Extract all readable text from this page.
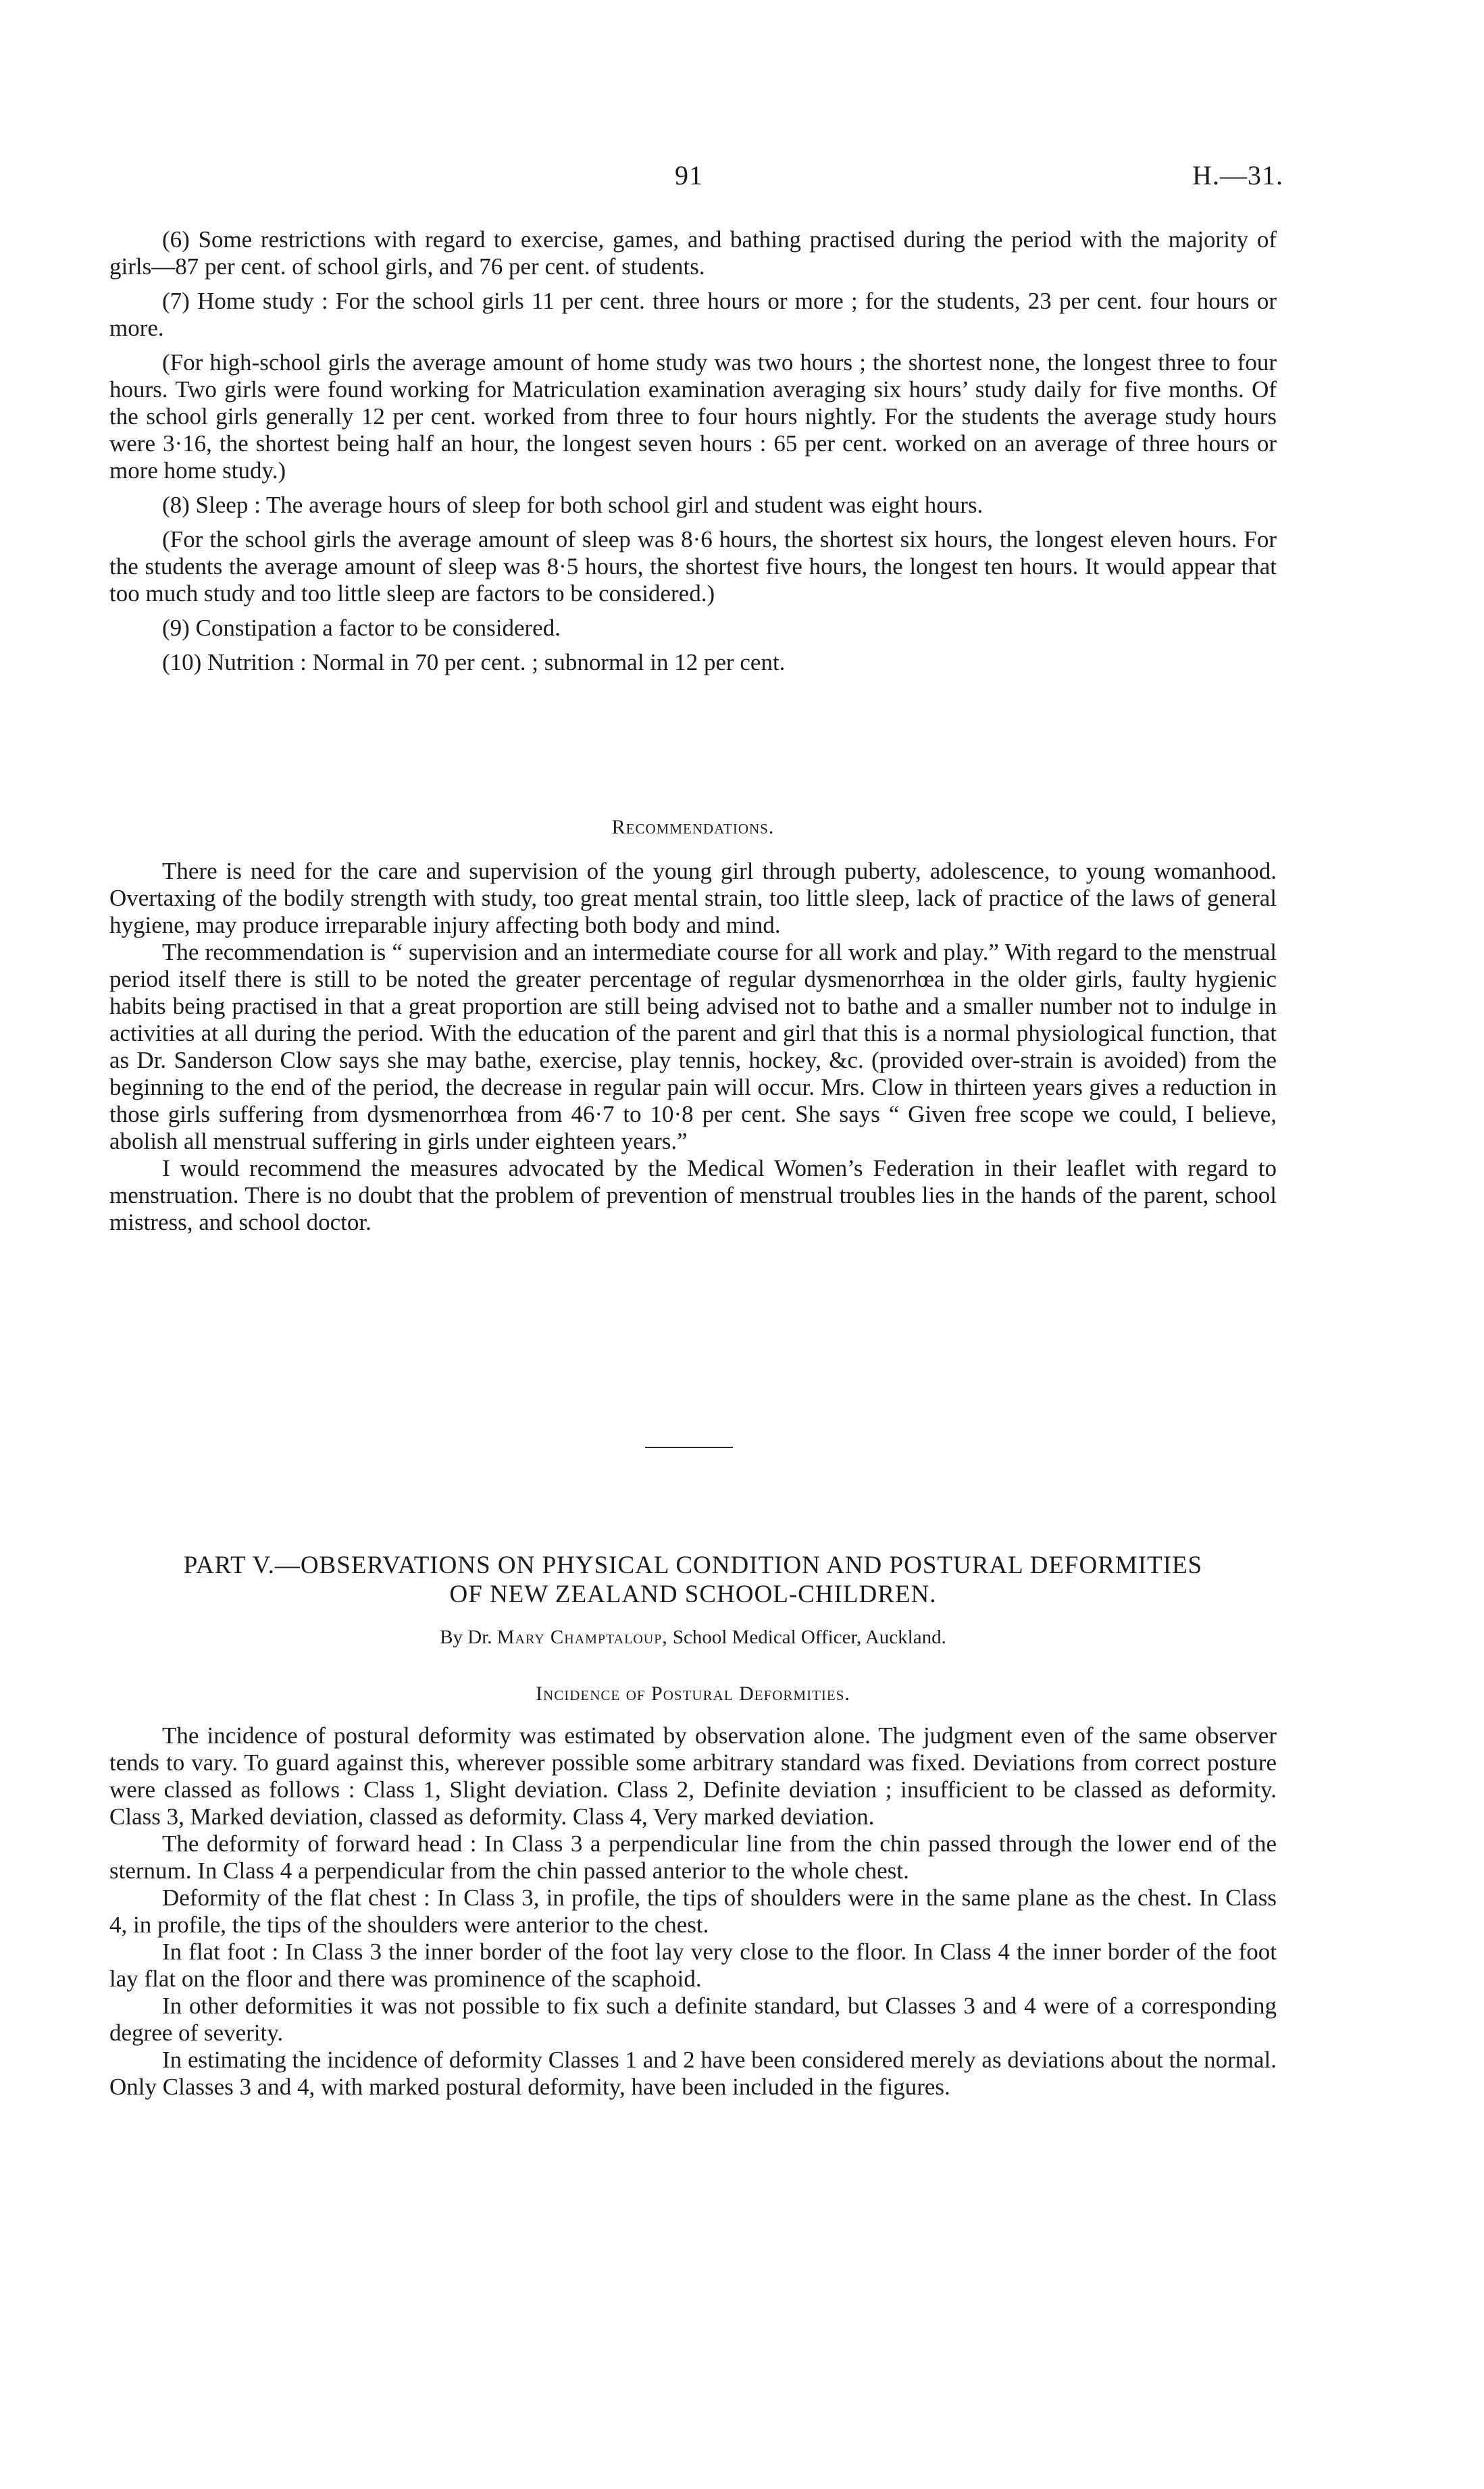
91	H.—31.

(6) Some restrictions with regard to exercise, games, and bathing practised during the period with the majority of girls—87 per cent. of school girls, and 76 per cent. of students.

(7) Home study : For the school girls 11 per cent. three hours or more ; for the students, 23 per cent. four hours or more.

(For high-school girls the average amount of home study was two hours ; the shortest none, the longest three to four hours. Two girls were found working for Matriculation examination averaging six hours’ study daily for five months. Of the school girls generally 12 per cent. worked from three to four hours nightly. For the students the average study hours were 3·16, the shortest being half an hour, the longest seven hours : 65 per cent. worked on an average of three hours or more home study.)

(8) Sleep : The average hours of sleep for both school girl and student was eight hours.

(For the school girls the average amount of sleep was 8·6 hours, the shortest six hours, the longest eleven hours. For the students the average amount of sleep was 8·5 hours, the shortest five hours, the longest ten hours. It would appear that too much study and too little sleep are factors to be considered.)

(9) Constipation a factor to be considered.

(10) Nutrition : Normal in 70 per cent. ; subnormal in 12 per cent.

Recommendations.

There is need for the care and supervision of the young girl through puberty, adolescence, to young womanhood. Overtaxing of the bodily strength with study, too great mental strain, too little sleep, lack of practice of the laws of general hygiene, may produce irreparable injury affecting both body and mind.

The recommendation is “ supervision and an intermediate course for all work and play.” With regard to the menstrual period itself there is still to be noted the greater percentage of regular dysmenorrhœa in the older girls, faulty hygienic habits being practised in that a great proportion are still being advised not to bathe and a smaller number not to indulge in activities at all during the period. With the education of the parent and girl that this is a normal physiological function, that as Dr. Sanderson Clow says she may bathe, exercise, play tennis, hockey, &c. (provided over-strain is avoided) from the beginning to the end of the period, the decrease in regular pain will occur. Mrs. Clow in thirteen years gives a reduction in those girls suffering from dysmenorrhœa from 46·7 to 10·8 per cent. She says “ Given free scope we could, I believe, abolish all menstrual suffering in girls under eighteen years.”

I would recommend the measures advocated by the Medical Women’s Federation in their leaflet with regard to menstruation. There is no doubt that the problem of prevention of menstrual troubles lies in the hands of the parent, school mistress, and school doctor.

PART V.—OBSERVATIONS ON PHYSICAL CONDITION AND POSTURAL DEFORMITIES
OF NEW ZEALAND SCHOOL-CHILDREN.
By Dr. Mary Champtaloup, School Medical Officer, Auckland.
Incidence of Postural Deformities.

The incidence of postural deformity was estimated by observation alone. The judgment even of the same observer tends to vary. To guard against this, wherever possible some arbitrary standard was fixed. Deviations from correct posture were classed as follows : Class 1, Slight deviation. Class 2, Definite deviation ; insufficient to be classed as deformity. Class 3, Marked deviation, classed as deformity. Class 4, Very marked deviation.

The deformity of forward head : In Class 3 a perpendicular line from the chin passed through the lower end of the sternum. In Class 4 a perpendicular from the chin passed anterior to the whole chest.

Deformity of the flat chest : In Class 3, in profile, the tips of shoulders were in the same plane as the chest. In Class 4, in profile, the tips of the shoulders were anterior to the chest.

In flat foot : In Class 3 the inner border of the foot lay very close to the floor. In Class 4 the inner border of the foot lay flat on the floor and there was prominence of the scaphoid.

In other deformities it was not possible to fix such a definite standard, but Classes 3 and 4 were of a corresponding degree of severity.

In estimating the incidence of deformity Classes 1 and 2 have been considered merely as deviations about the normal. Only Classes 3 and 4, with marked postural deformity, have been included in the figures.
